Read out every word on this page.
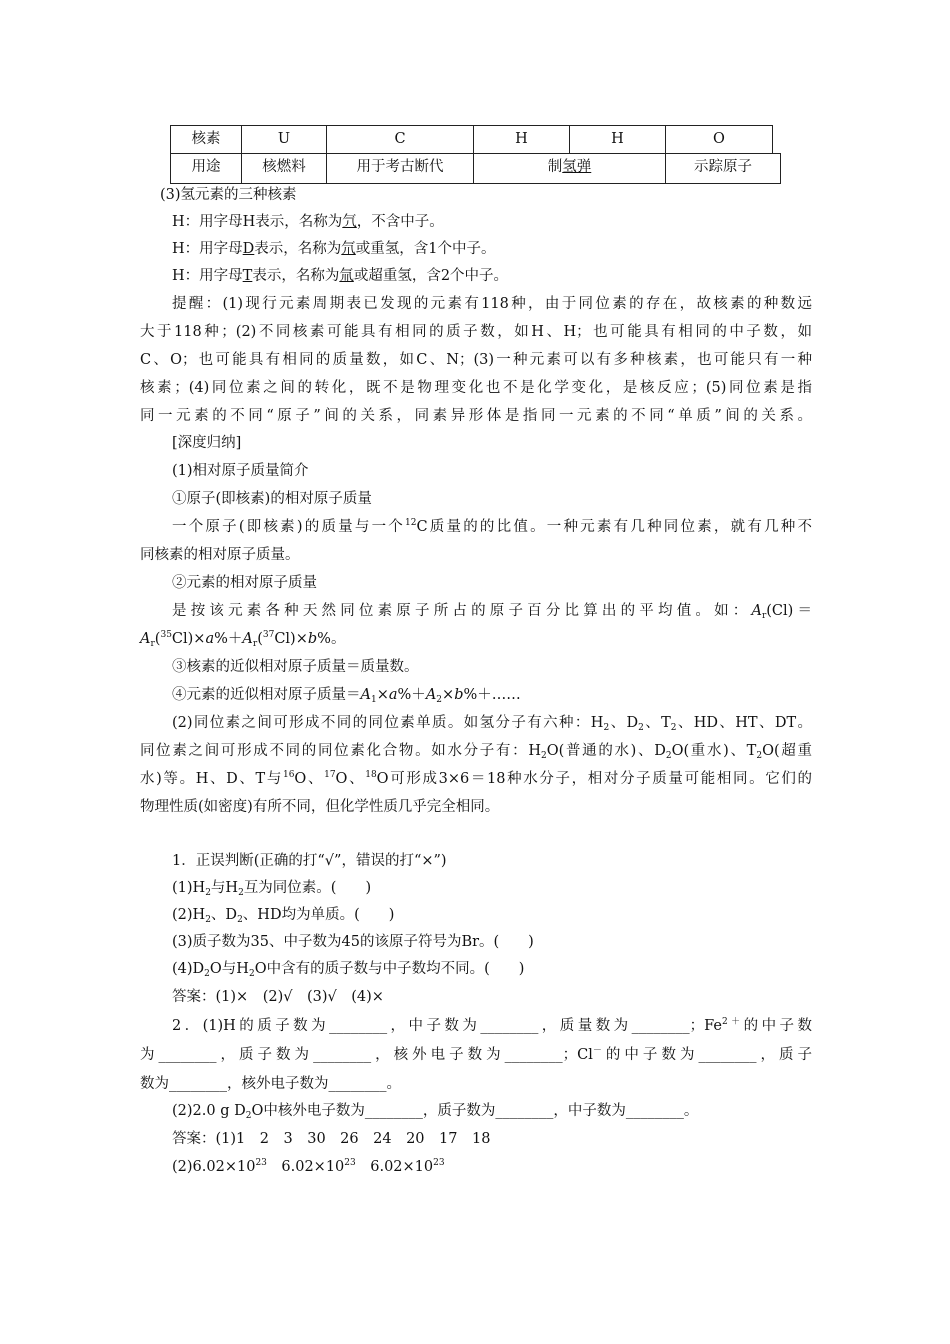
核素	U	C	H	H	O
用途	核燃料	用于考古断代	制氢弹	示踪原子
(3)氢元素的三种核素
H：用字母H表示，名称为氕，不含中子。
H：用字母D表示，名称为氘或重氢，含1个中子。
H：用字母T表示，名称为氚或超重氢，含2个中子。
提醒：(1)现行元素周期表已发现的元素有118种，由于同位素的存在，故核素的种数远
大于118种；(2)不同核素可能具有相同的质子数，如H、H；也可能具有相同的中子数，如
C、O；也可能具有相同的质量数，如C、N；(3)一种元素可以有多种核素，也可能只有一种
核素；(4)同位素之间的转化，既不是物理变化也不是化学变化，是核反应；(5)同位素是指
同一元素的不同“原子”间的关系，同素异形体是指同一元素的不同“单质”间的关系。
[深度归纳]
(1)相对原子质量简介
①原子(即核素)的相对原子质量
一个原子(即核素)的质量与一个$^{12}$C质量的的比值。一种元素有几种同位素，就有几种不
同核素的相对原子质量。
②元素的相对原子质量
是按该元素各种天然同位素原子所占的原子百分比算出的平均值。如：$A_r(Cl)=$
$A_r(^{35}Cl)\times a\%+A_r(^{37}Cl)\times b\%$。
③核素的近似相对原子质量＝质量数。
④元素的近似相对原子质量$=A_1\times a\%+A_2\times b\%+\dots\dots$
(2)同位素之间可形成不同的同位素单质。如氢分子有六种：$H_2$、$D_2$、$T_2$、HD、HT、DT。
同位素之间可形成不同的同位素化合物。如水分子有：$H_2O$(普通的水)、$D_2O$(重水)、$T_2O$(超重
水)等。H、D、T与$^{16}$O、$^{17}$O、$^{18}$O可形成3×6＝18种水分子，相对分子质量可能相同。它们的
物理性质(如密度)有所不同，但化学性质几乎完全相同。
1．正误判断(正确的打“√”，错误的打“×”)
$(1)H_2$与$H_2$互为同位素。(　　)
$(2)H_2$、$D_2$、HD均为单质。(　　)
(3)质子数为35、中子数为45的该原子符号为Br。(　　)
$(4)D_2O$与$H_2O$中含有的质子数与中子数均不同。(　　)
答案：(1)×　(2)√　(3)√　(4)×
2．(1)H的质子数为________，中子数为________，质量数为________；$Fe^{2+}$的中子数
为________，质子数为________，核外电子数为________；Cl－的中子数为________，质子
数为________，核外电子数为________。
(2)2.0 g $D_2O$中核外电子数为________，质子数为________，中子数为________。
答案：(1)1　2　3　30　26　24　20　17　18
$(2)6.02\times 10^{23}$　$6.02\times 10^{23}$　$6.02\times 10^{23}$
